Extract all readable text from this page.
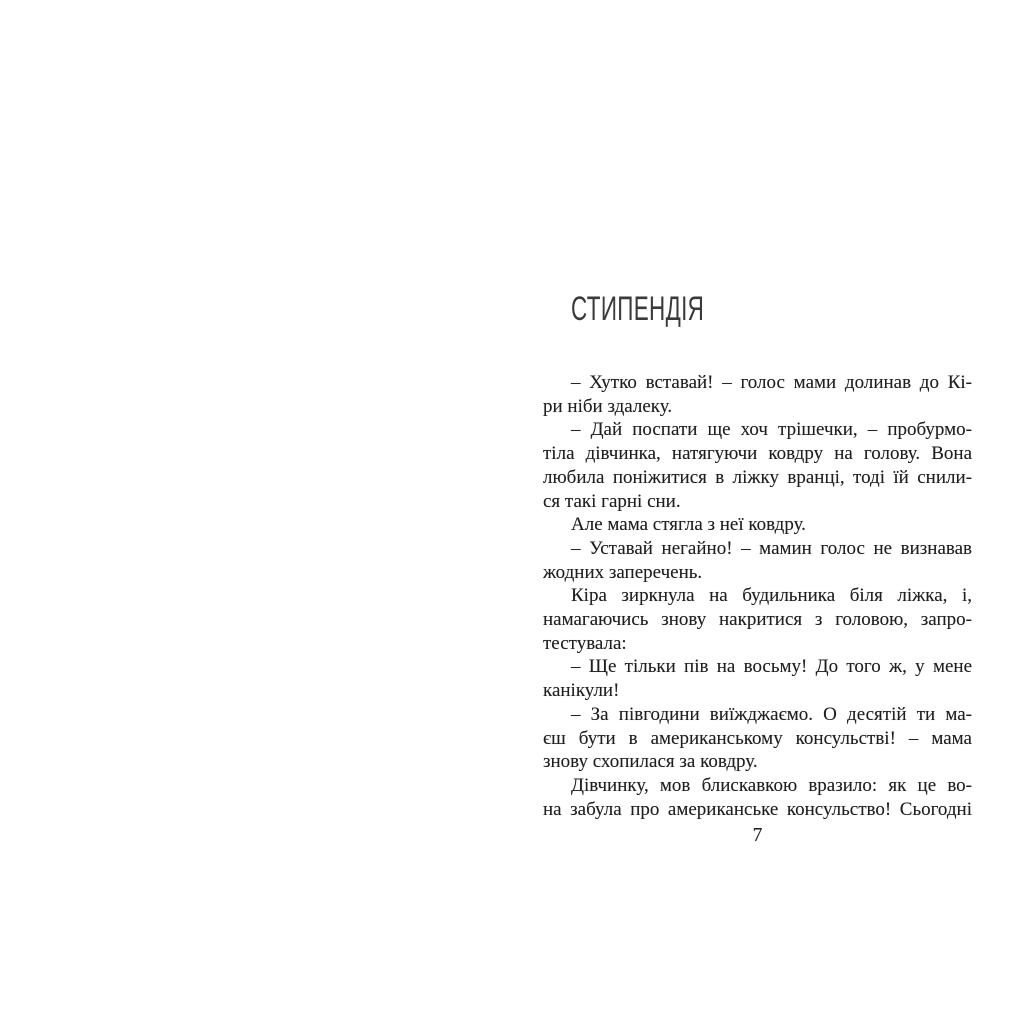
СТИПЕНДІЯ
– Хутко вставай! – голос мами долинав до Кі-
ри ніби здалеку.
– Дай поспати ще хоч трішечки, – пробурмо-
тіла дівчинка, натягуючи ковдру на голову. Вона
любила поніжитися в ліжку вранці, тоді їй снили-
ся такі гарні сни.
Але мама стягла з неї ковдру.
– Уставай негайно! – мамин голос не визнавав
жодних заперечень.
Кіра зиркнула на будильника біля ліжка, і,
намагаючись знову накритися з головою, запро-
тестувала:
– Ще тільки пів на восьму! До того ж, у мене
канікули!
– За півгодини виїжджаємо. О десятій ти ма-
єш бути в американському консульстві! – мама
знову схопилася за ковдру.
Дівчинку, мов блискавкою вразило: як це во-
на забула про американське консульство! Сьогодні
7
